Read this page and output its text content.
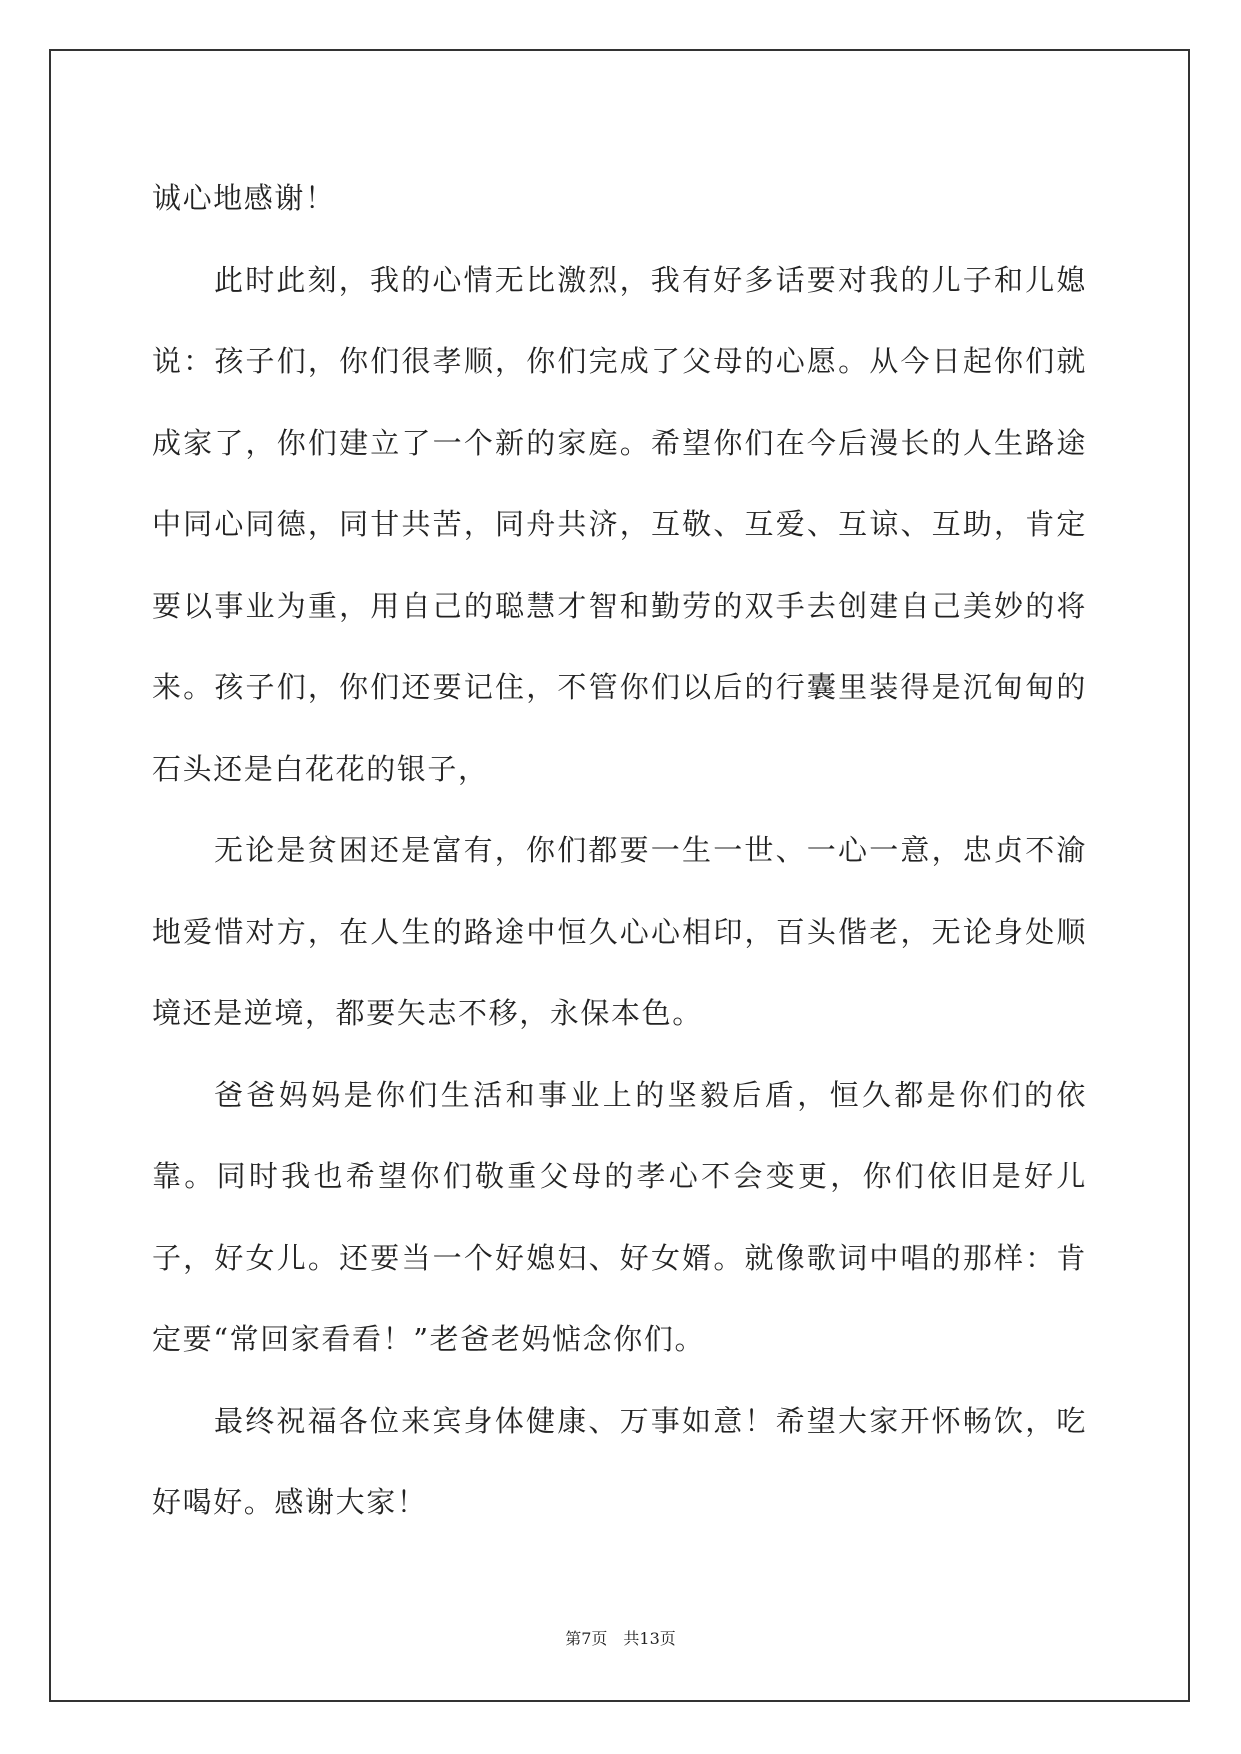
诚心地感谢！

此时此刻，我的心情无比激烈，我有好多话要对我的儿子和儿媳说：孩子们，你们很孝顺，你们完成了父母的心愿。从今日起你们就成家了，你们建立了一个新的家庭。希望你们在今后漫长的人生路途中同心同德，同甘共苦，同舟共济，互敬、互爱、互谅、互助，肯定要以事业为重，用自己的聪慧才智和勤劳的双手去创建自己美妙的将来。孩子们，你们还要记住，不管你们以后的行囊里装得是沉甸甸的石头还是白花花的银子，

无论是贫困还是富有，你们都要一生一世、一心一意，忠贞不渝地爱惜对方，在人生的路途中恒久心心相印，百头偕老，无论身处顺境还是逆境，都要矢志不移，永保本色。

爸爸妈妈是你们生活和事业上的坚毅后盾，恒久都是你们的依靠。同时我也希望你们敬重父母的孝心不会变更，你们依旧是好儿子，好女儿。还要当一个好媳妇、好女婿。就像歌词中唱的那样：肯定要“常回家看看！”老爸老妈惦念你们。

最终祝福各位来宾身体健康、万事如意！希望大家开怀畅饮，吃好喝好。感谢大家！

第7页　共13页
